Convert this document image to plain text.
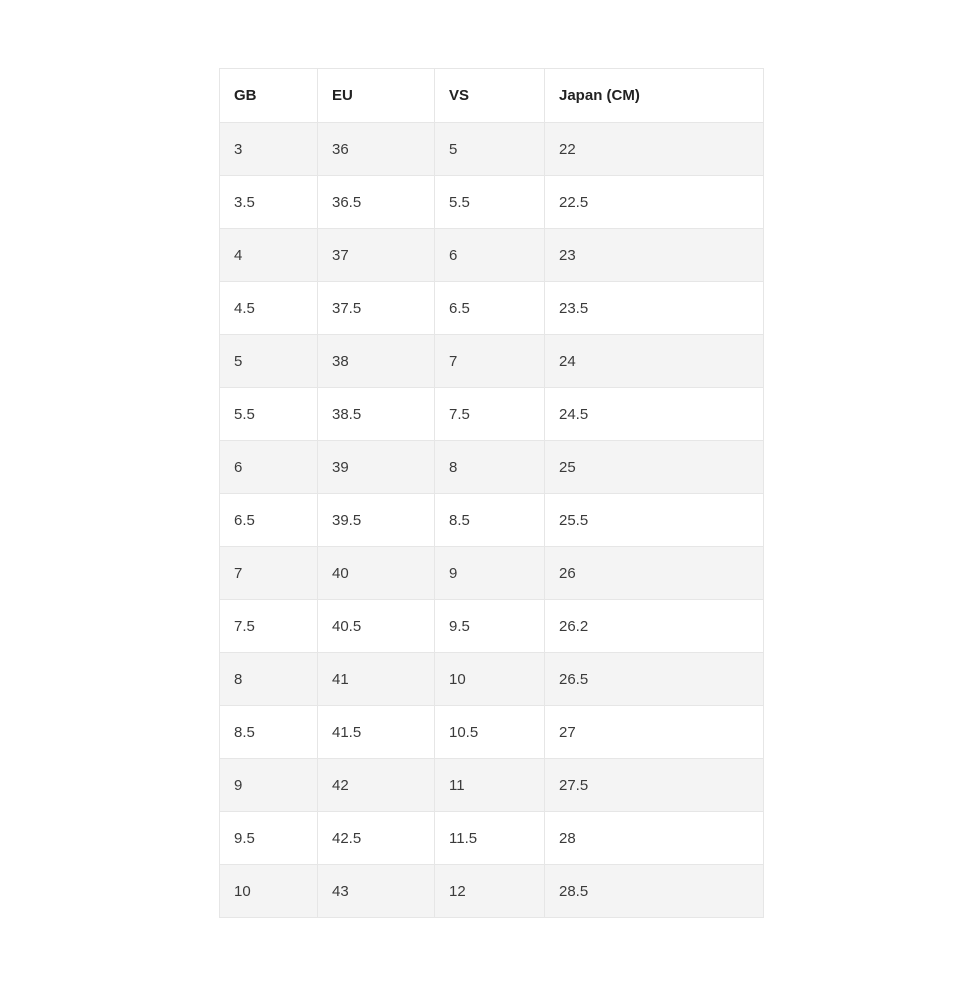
GB	EU	VS	Japan (CM)
3	36	5	22
3.5	36.5	5.5	22.5
4	37	6	23
4.5	37.5	6.5	23.5
5	38	7	24
5.5	38.5	7.5	24.5
6	39	8	25
6.5	39.5	8.5	25.5
7	40	9	26
7.5	40.5	9.5	26.2
8	41	10	26.5
8.5	41.5	10.5	27
9	42	11	27.5
9.5	42.5	11.5	28
10	43	12	28.5
